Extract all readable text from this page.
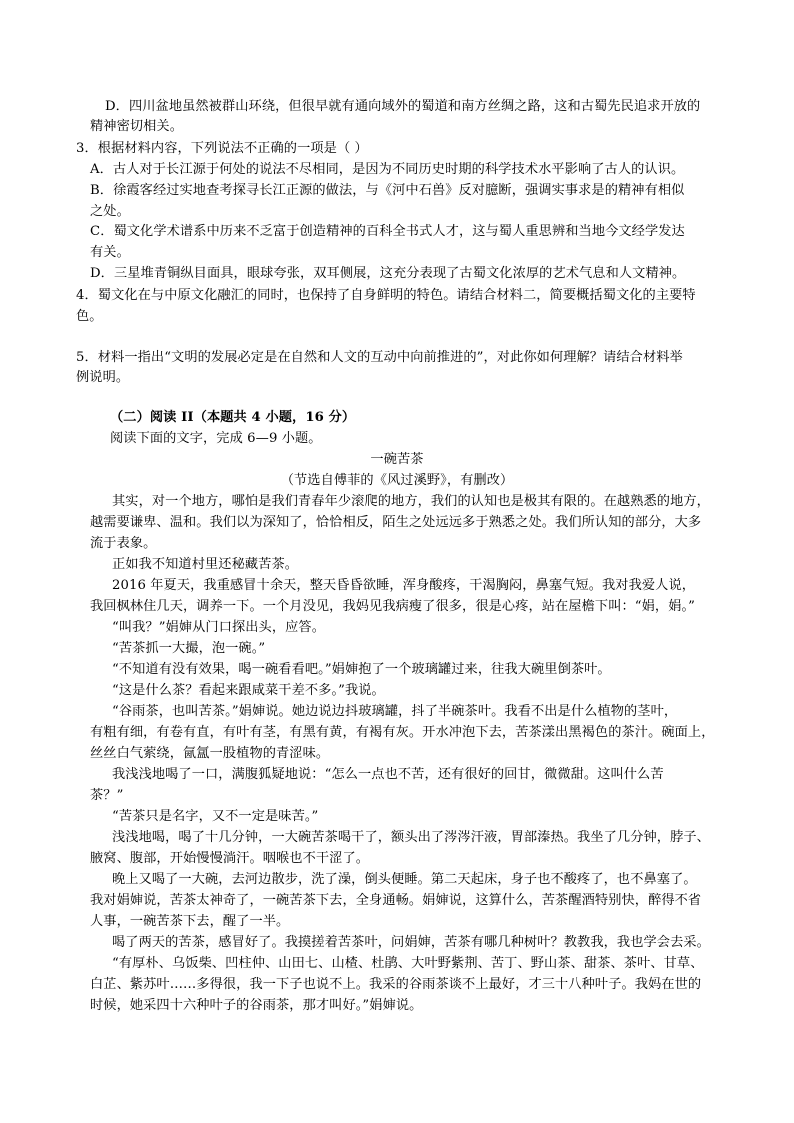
D．四川盆地虽然被群山环绕，但很早就有通向域外的蜀道和南方丝绸之路，这和古蜀先民追求开放的
精神密切相关。
3．根据材料内容，下列说法不正确的一项是（ ）
A．古人对于长江源于何处的说法不尽相同，是因为不同历史时期的科学技术水平影响了古人的认识。
B．徐霞客经过实地查考探寻长江正源的做法，与《河中石兽》反对臆断，强调实事求是的精神有相似
之处。
C．蜀文化学术谱系中历来不乏富于创造精神的百科全书式人才，这与蜀人重思辨和当地今文经学发达
有关。
D．三星堆青铜纵目面具，眼球夸张，双耳侧展，这充分表现了古蜀文化浓厚的艺术气息和人文精神。
4．蜀文化在与中原文化融汇的同时，也保持了自身鲜明的特色。请结合材料二，简要概括蜀文化的主要特
色。
5．材料一指出“文明的发展必定是在自然和人文的互动中向前推进的”，对此你如何理解？请结合材料举
例说明。
（二）阅读 II（本题共 4 小题，16 分）
阅读下面的文字，完成 6—9 小题。
一碗苦茶
（节选自傅菲的《风过溪野》，有删改）
其实，对一个地方，哪怕是我们青春年少滚爬的地方，我们的认知也是极其有限的。在越熟悉的地方，
越需要谦卑、温和。我们以为深知了，恰恰相反，陌生之处远远多于熟悉之处。我们所认知的部分，大多
流于表象。
正如我不知道村里还秘藏苦茶。
2016 年夏天，我重感冒十余天，整天昏昏欲睡，浑身酸疼，干渴胸闷，鼻塞气短。我对我爱人说，
我回枫林住几天，调养一下。一个月没见，我妈见我病瘦了很多，很是心疼，站在屋檐下叫：“娟，娟。”
“叫我？”娟婶从门口探出头，应答。
“苦茶抓一大撮，泡一碗。”
“不知道有没有效果，喝一碗看看吧。”娟婶抱了一个玻璃罐过来，往我大碗里倒茶叶。
“这是什么茶？看起来跟咸菜干差不多。”我说。
“谷雨茶，也叫苦茶。”娟婶说。她边说边抖玻璃罐，抖了半碗茶叶。我看不出是什么植物的茎叶，
有粗有细，有卷有直，有叶有茎，有黑有黄，有褐有灰。开水冲泡下去，苦茶漾出黑褐色的茶汁。碗面上，
丝丝白气萦绕，氤氲一股植物的青涩味。
我浅浅地喝了一口，满腹狐疑地说：“怎么一点也不苦，还有很好的回甘，微微甜。这叫什么苦
茶？”
“苦茶只是名字，又不一定是味苦。”
浅浅地喝，喝了十几分钟，一大碗苦茶喝干了，额头出了涔涔汗液，胃部溱热。我坐了几分钟，脖子、
腋窝、腹部，开始慢慢淌汗。咽喉也不干涩了。
晚上又喝了一大碗，去河边散步，洗了澡，倒头便睡。第二天起床，身子也不酸疼了，也不鼻塞了。
我对娟婶说，苦茶太神奇了，一碗苦茶下去，全身通畅。娟婶说，这算什么，苦茶醒酒特别快，醉得不省
人事，一碗苦茶下去，醒了一半。
喝了两天的苦茶，感冒好了。我摸搓着苦茶叶，问娟婶，苦茶有哪几种树叶？教教我，我也学会去采。
“有厚朴、乌饭柴、凹柱仲、山田七、山楂、杜鹃、大叶野紫荆、苦丁、野山茶、甜茶、茶叶、甘草、
白芷、紫苏叶……多得很，我一下子也说不上。我采的谷雨茶谈不上最好，才三十八种叶子。我妈在世的
时候，她采四十六种叶子的谷雨茶，那才叫好。”娟婶说。
